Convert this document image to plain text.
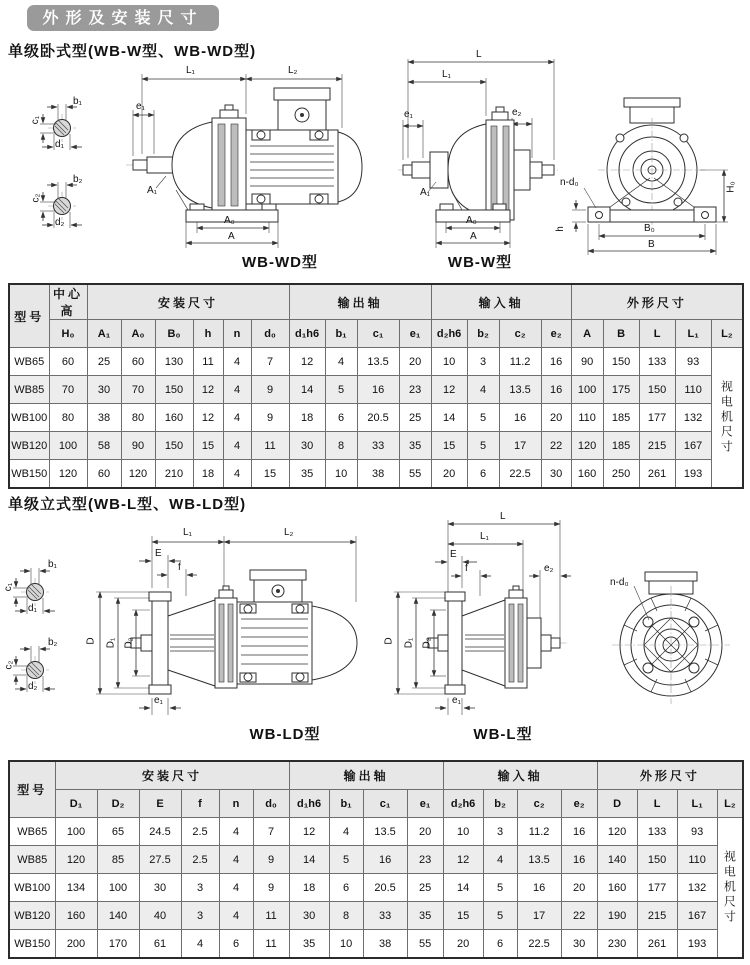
外形及安装尺寸
单级卧式型(WB-W型、WB-WD型)
b₁
c₁
d₁
b₂
c₂
d₂
L₁	L₂
e₁
A₁
A₀
A
L
L₁
e₁	e₂
A₁
A₀
A
n-d₀
h
H₀
B₀
B
WB-WD型	WB-W型
型号	中心高	安装尺寸						输出轴				输入轴				外形尺寸				
	H₀	A₁	A₀	B₀	h	n	d₀	d₁h6	b₁	c₁	e₁	d₂h6	b₂	c₂	e₂	A	B	L	L₁	L₂
WB65	60	25	60	130	11	4	7	12	4	13.5	20	10	3	11.2	16	90	150	133	93	视电机尺寸
WB85	70	30	70	150	12	4	9	14	5	16	23	12	4	13.5	16	100	175	150	110	
WB100	80	38	80	160	12	4	9	18	6	20.5	25	14	5	16	20	110	185	177	132	
WB120	100	58	90	150	15	4	11	30	8	33	35	15	5	17	22	120	185	215	167	
WB150	120	60	120	210	18	4	15	35	10	38	55	20	6	22.5	30	160	250	261	193	
单级立式型(WB-L型、WB-LD型)
b₁
c₁
d₁
b₂
c₂
d₂
L₁	L₂
E
f
D D₁ D₂
e₁
L
L₁
E
f	e₂
D D₁ D₂
e₁
n-d₀
WB-LD型	WB-L型
型号	安装尺寸						输出轴				输入轴				外形尺寸			
	D₁	D₂	E	f	n	d₀	d₁h6	b₁	c₁	e₁	d₂h6	b₂	c₂	e₂	D	L	L₁	L₂
WB65	100	65	24.5	2.5	4	7	12	4	13.5	20	10	3	11.2	16	120	133	93	视电机尺寸
WB85	120	85	27.5	2.5	4	9	14	5	16	23	12	4	13.5	16	140	150	110	
WB100	134	100	30	3	4	9	18	6	20.5	25	14	5	16	20	160	177	132	
WB120	160	140	40	3	4	11	30	8	33	35	15	5	17	22	190	215	167	
WB150	200	170	61	4	6	11	35	10	38	55	20	6	22.5	30	230	261	193	
